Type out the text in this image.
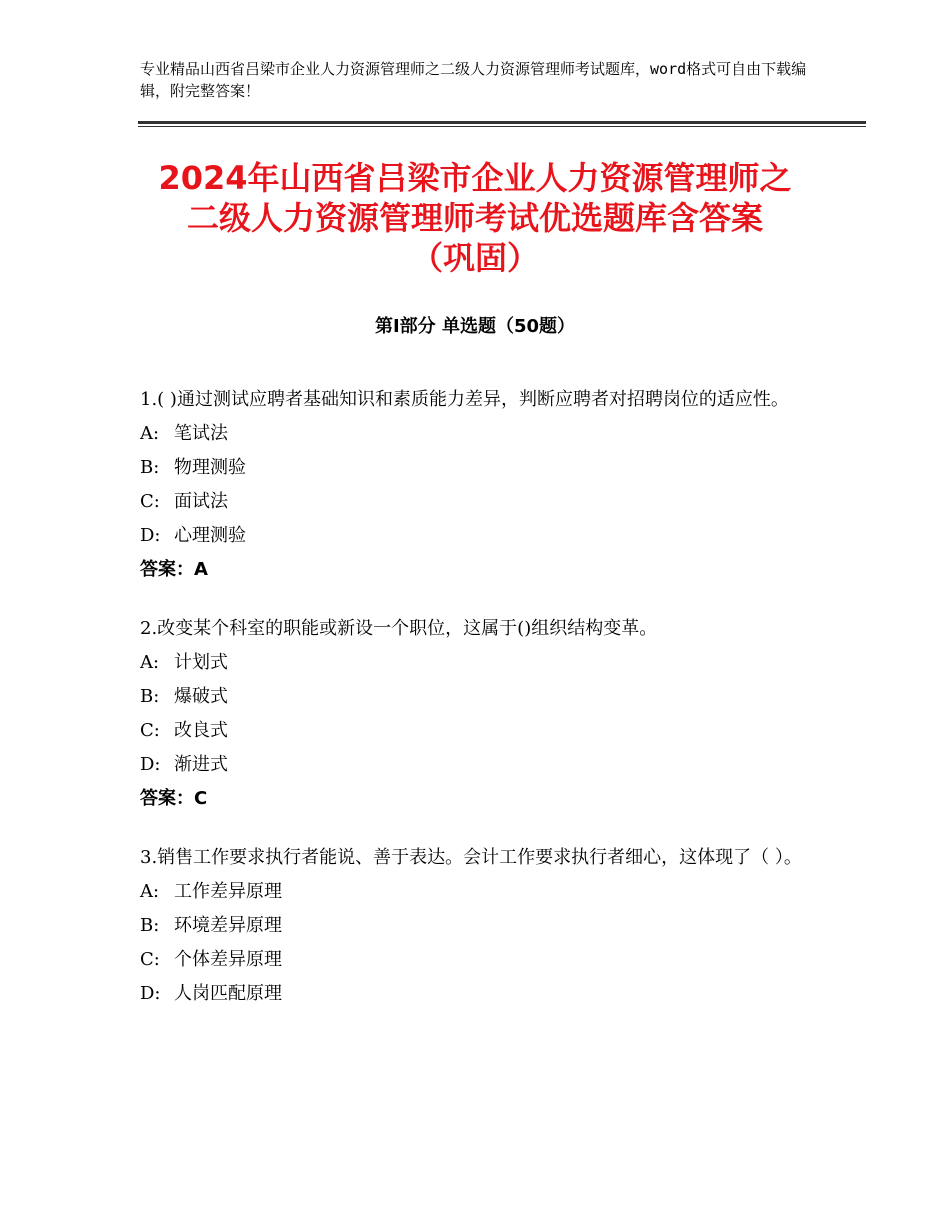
专业精品山西省吕梁市企业人力资源管理师之二级人力资源管理师考试题库，word格式可自由下载编辑，附完整答案！
2024年山西省吕梁市企业人力资源管理师之
二级人力资源管理师考试优选题库含答案
（巩固）
第Ⅰ部分 单选题（50题）
1.( )通过测试应聘者基础知识和素质能力差异，判断应聘者对招聘岗位的适应性。
A: 笔试法
B: 物理测验
C: 面试法
D: 心理测验
答案：A
2.改变某个科室的职能或新设一个职位，这属于()组织结构变革。
A: 计划式
B: 爆破式
C: 改良式
D: 渐进式
答案：C
3.销售工作要求执行者能说、善于表达。会计工作要求执行者细心，这体现了（ ）。
A: 工作差异原理
B: 环境差异原理
C: 个体差异原理
D: 人岗匹配原理
